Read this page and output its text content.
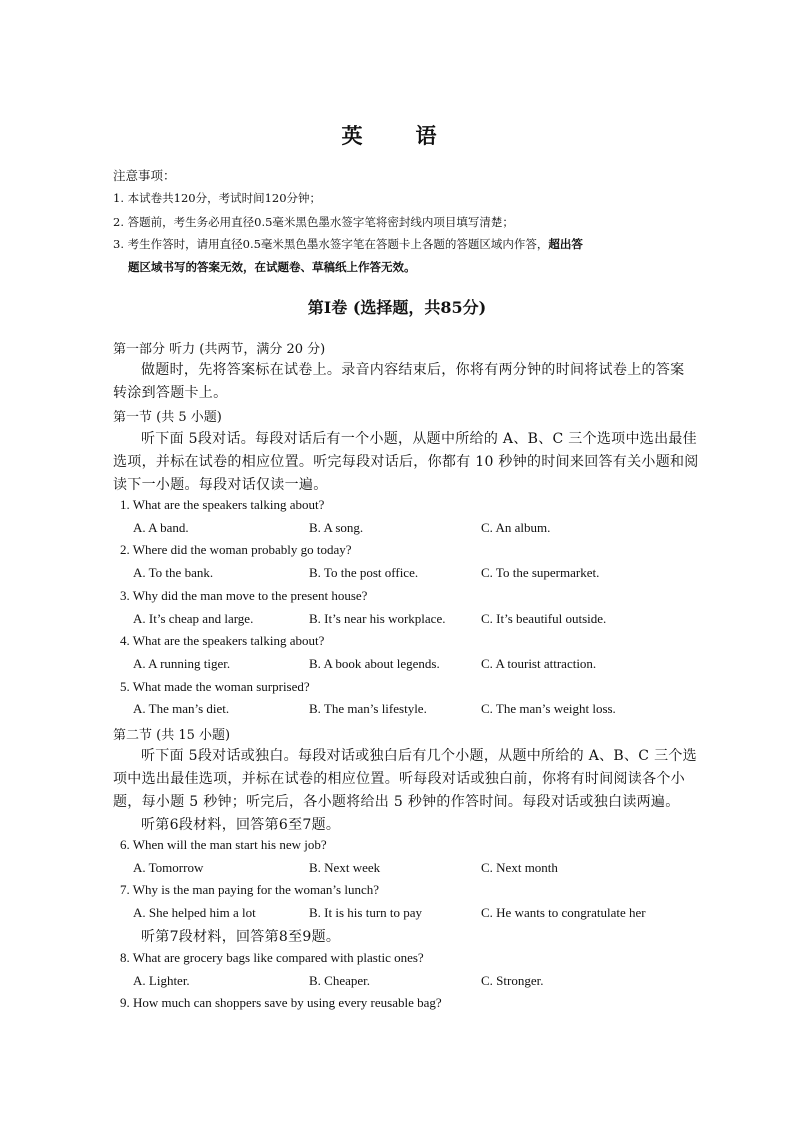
英　语
注意事项：
1. 本试卷共120分，考试时间120分钟；
2. 答题前，考生务必用直径0.5毫米黑色墨水签字笔将密封线内项目填写清楚；
3. 考生作答时，请用直径0.5毫米黑色墨水签字笔在答题卡上各题的答题区域内作答，超出答
题区域书写的答案无效，在试题卷、草稿纸上作答无效。
第Ⅰ卷 (选择题，共85分)
第一部分 听力 (共两节，满分 20 分)
做题时，先将答案标在试卷上。录音内容结束后，你将有两分钟的时间将试卷上的答案
转涂到答题卡上。
第一节 (共 5 小题)
听下面 5段对话。每段对话后有一个小题，从题中所给的 A、B、C 三个选项中选出最佳
选项，并标在试卷的相应位置。听完每段对话后，你都有 10 秒钟的时间来回答有关小题和阅
读下一小题。每段对话仅读一遍。
1. What are the speakers talking about?
A. A band.	B. A song.	C. An album.
2. Where did the woman probably go today?
A. To the bank.	B. To the post office.	C. To the supermarket.
3. Why did the man move to the present house?
A. It’s cheap and large.	B. It’s near his workplace.	C. It’s beautiful outside.
4. What are the speakers talking about?
A. A running tiger.	B. A book about legends.	C. A tourist attraction.
5. What made the woman surprised?
A. The man’s diet.	B. The man’s lifestyle.	C. The man’s weight loss.
第二节 (共 15 小题)
听下面 5段对话或独白。每段对话或独白后有几个小题，从题中所给的 A、B、C 三个选
项中选出最佳选项，并标在试卷的相应位置。听每段对话或独白前，你将有时间阅读各个小
题，每小题 5 秒钟；听完后，各小题将给出 5 秒钟的作答时间。每段对话或独白读两遍。
听第6段材料，回答第6至7题。
6. When will the man start his new job?
A. Tomorrow	B. Next week	C. Next month
7. Why is the man paying for the woman’s lunch?
A. She helped him a lot	B. It is his turn to pay	C. He wants to congratulate her
听第7段材料，回答第8至9题。
8. What are grocery bags like compared with plastic ones?
A. Lighter.	B. Cheaper.	C. Stronger.
9. How much can shoppers save by using every reusable bag?
